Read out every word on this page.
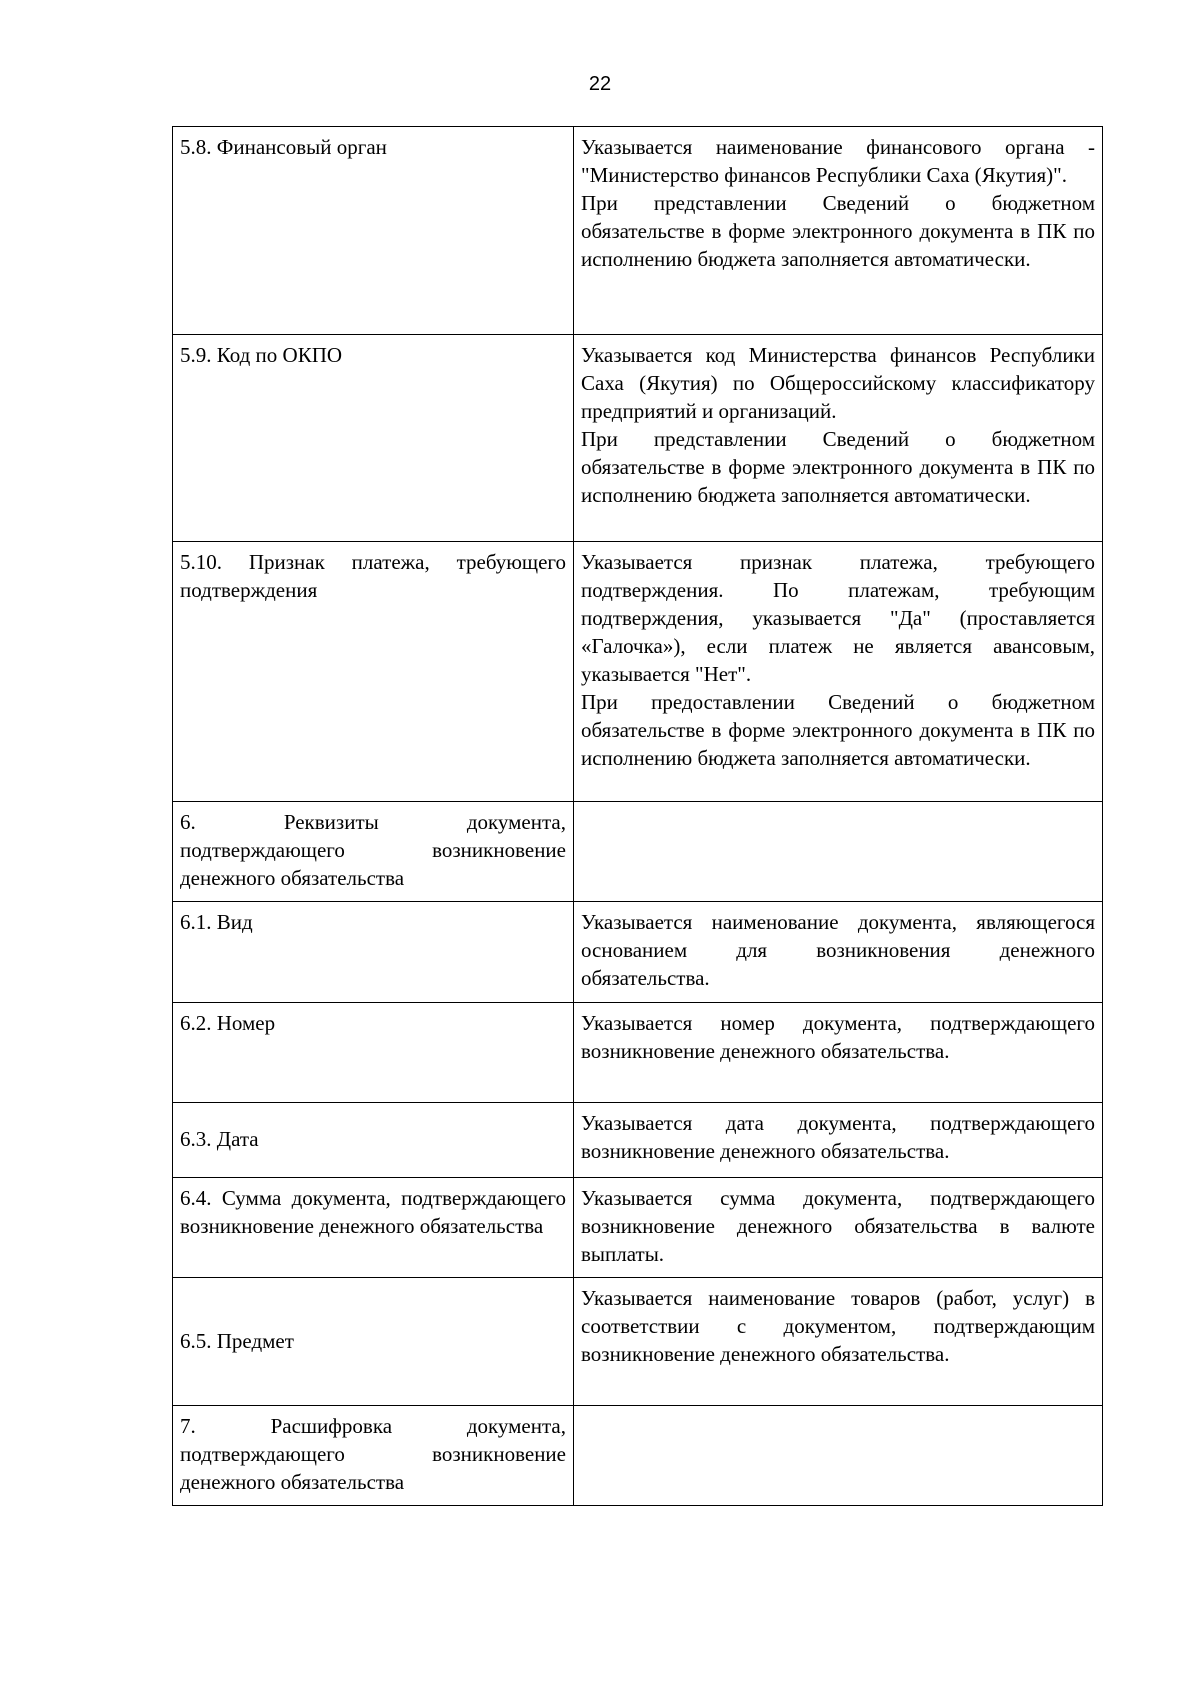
22
5.8. Финансовый орган	Указывается наименование финансового органа - "Министерство финансов Республики Саха (Якутия)".
При представлении Сведений о бюджетном обязательстве в форме электронного документа в ПК по исполнению бюджета заполняется автоматически.

5.9. Код по ОКПО	Указывается код Министерства финансов Республики Саха (Якутия) по Общероссийскому классификатору предприятий и организаций.
При представлении Сведений о бюджетном обязательстве в форме электронного документа в ПК по исполнению бюджета заполняется автоматически.

5.10. Признак платежа, требующего подтверждения	Указывается признак платежа, требующего подтверждения. По платежам, требующим подтверждения, указывается "Да" (проставляется «Галочка»), если платеж не является авансовым, указывается "Нет".
При предоставлении Сведений о бюджетном обязательстве в форме электронного документа в ПК по исполнению бюджета заполняется автоматически.

6. Реквизиты документа, подтверждающего возникновение денежного обязательства	
6.1. Вид	Указывается наименование документа, являющегося основанием для возникновения денежного обязательства.

6.2. Номер	Указывается номер документа, подтверждающего возникновение денежного обязательства.

6.3. Дата	Указывается дата документа, подтверждающего возникновение денежного обязательства.

6.4. Сумма документа, подтверждающего возникновение денежного обязательства	Указывается сумма документа, подтверждающего возникновение денежного обязательства в валюте выплаты.

6.5. Предмет	Указывается наименование товаров (работ, услуг) в соответствии с документом, подтверждающим возникновение денежного обязательства.

7. Расшифровка документа, подтверждающего возникновение денежного обязательства	
